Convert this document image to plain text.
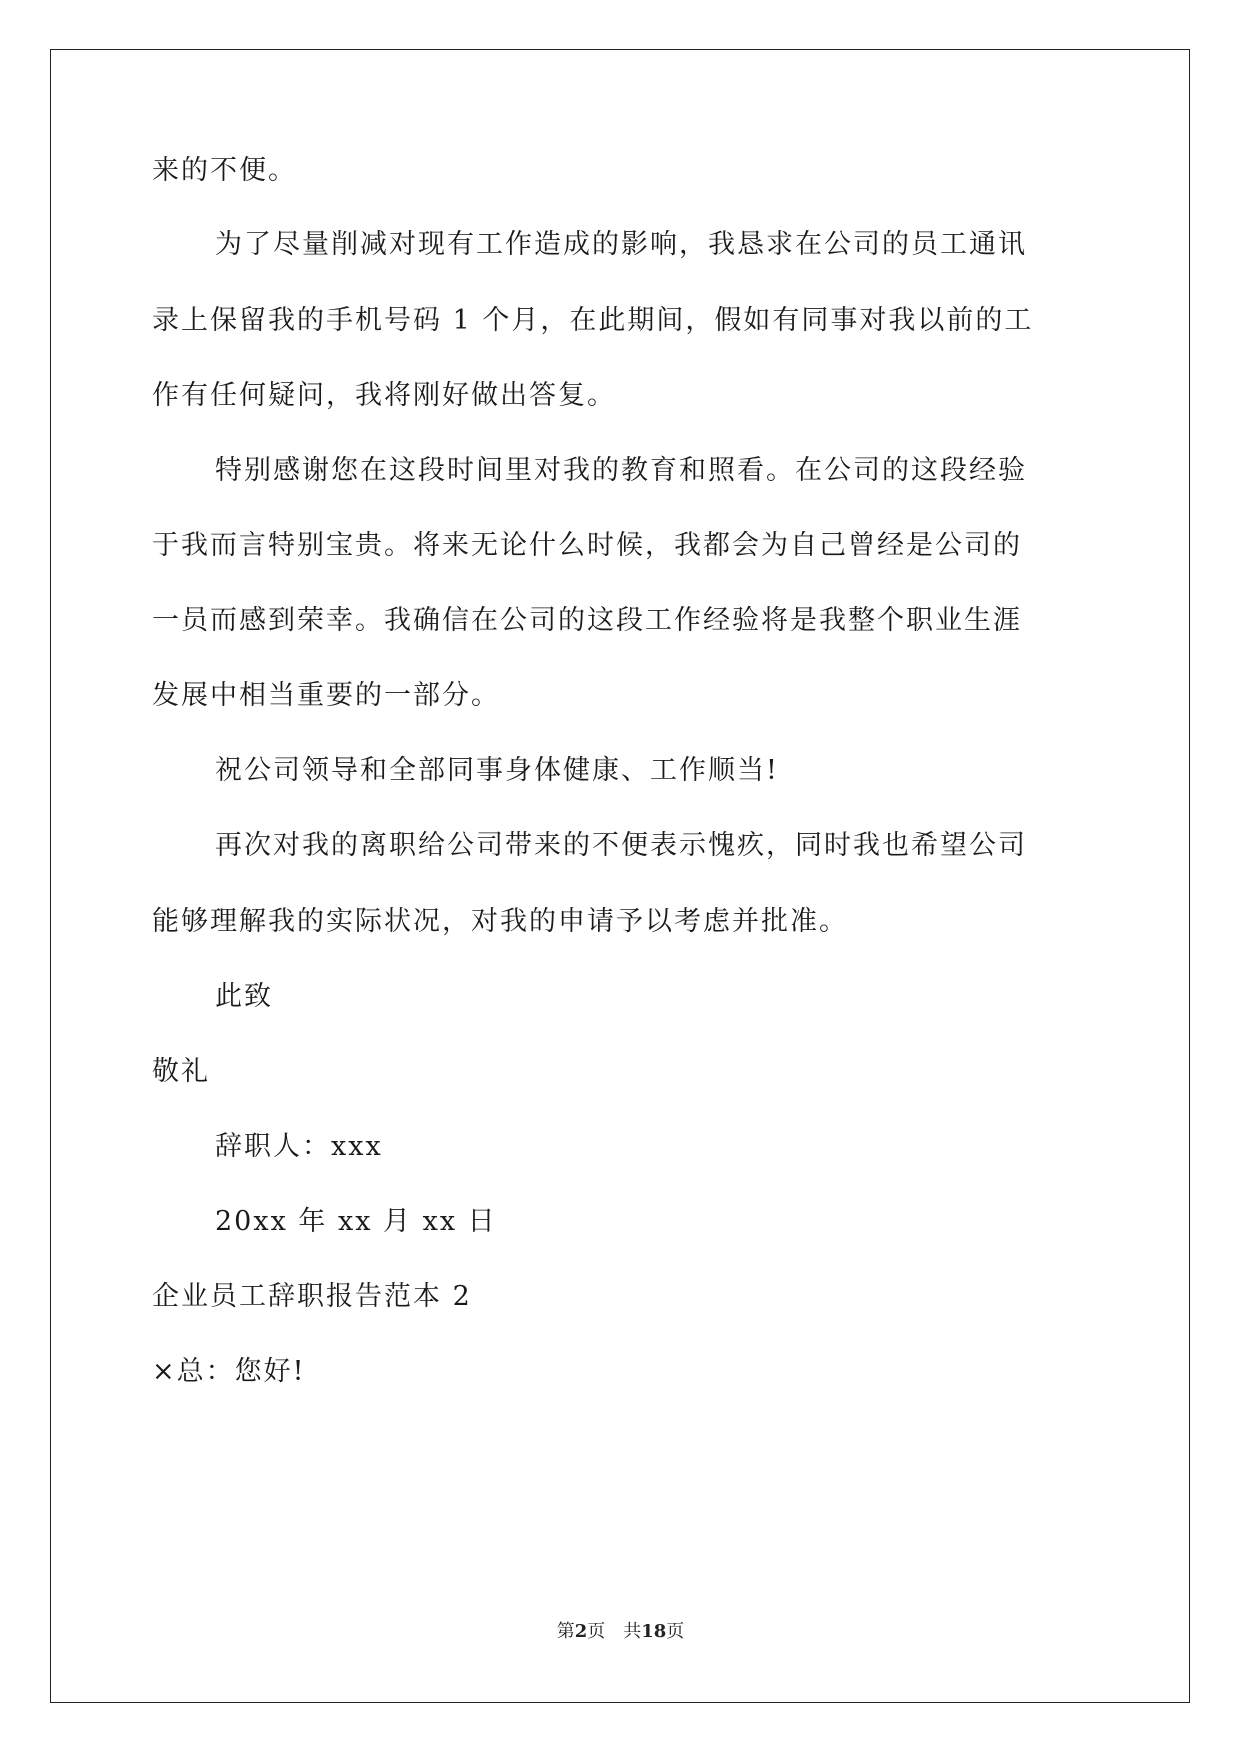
来的不便。
为了尽量削减对现有工作造成的影响，我恳求在公司的员工通讯
录上保留我的手机号码 1 个月，在此期间，假如有同事对我以前的工
作有任何疑问，我将刚好做出答复。
特别感谢您在这段时间里对我的教育和照看。在公司的这段经验
于我而言特别宝贵。将来无论什么时候，我都会为自己曾经是公司的
一员而感到荣幸。我确信在公司的这段工作经验将是我整个职业生涯
发展中相当重要的一部分。
祝公司领导和全部同事身体健康、工作顺当!
再次对我的离职给公司带来的不便表示愧疚，同时我也希望公司
能够理解我的实际状况，对我的申请予以考虑并批准。
此致
敬礼
辞职人：xxx
20xx 年 xx 月 xx 日
企业员工辞职报告范本 2
×总：您好!
第2页 共18页
